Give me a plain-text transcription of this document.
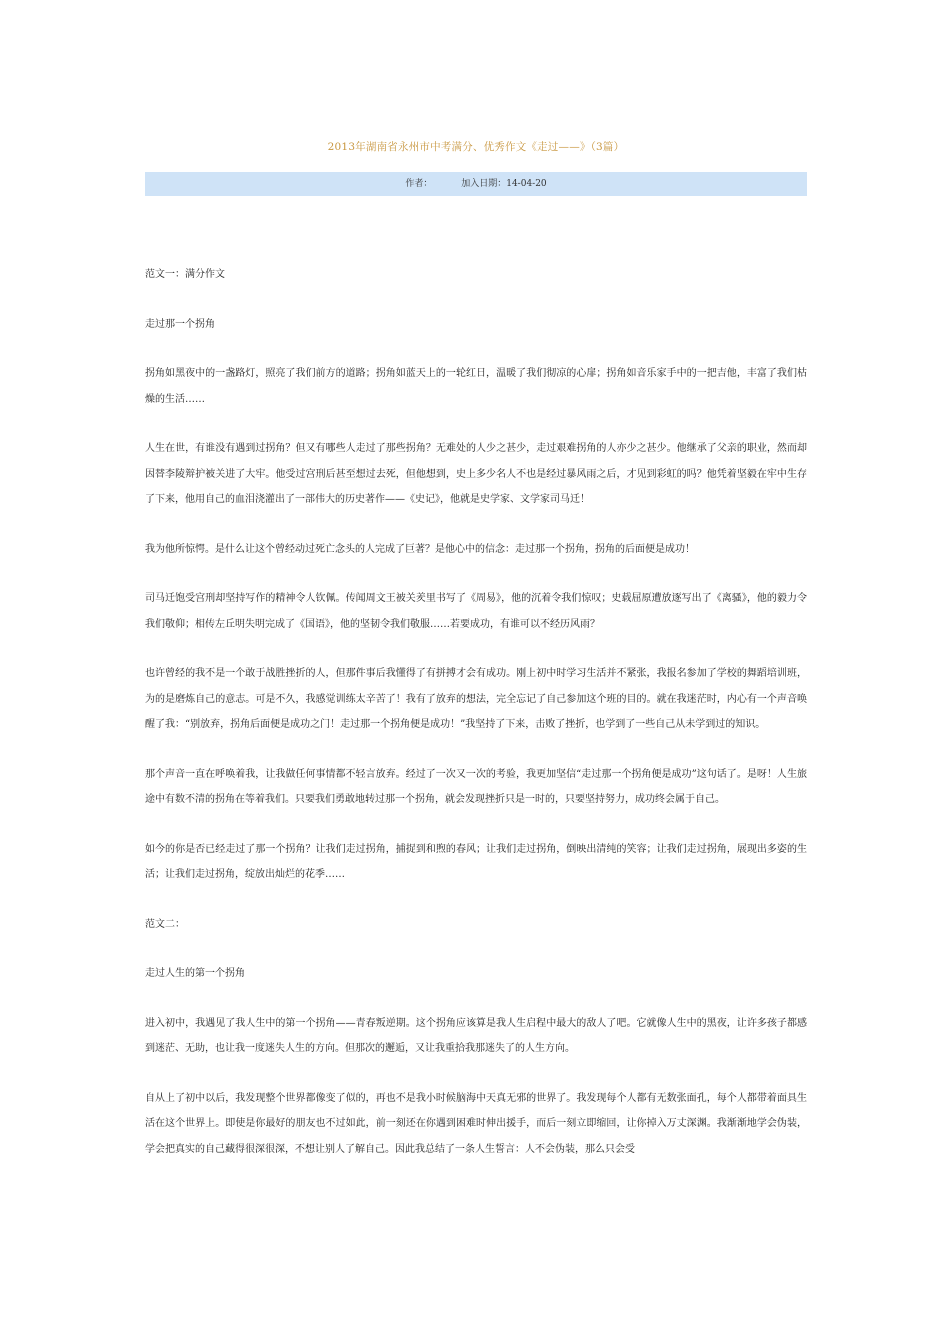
2013年湖南省永州市中考满分、优秀作文《走过——》（3篇）
作者：	加入日期：14-04-20

范文一：满分作文

走过那一个拐角

拐角如黑夜中的一盏路灯，照亮了我们前方的道路；拐角如蓝天上的一轮红日，温暖了我们彻凉的心扉；拐角如音乐家手中的一把吉他，丰富了我们枯燥的生活……

人生在世，有谁没有遇到过拐角？但又有哪些人走过了那些拐角？无难处的人少之甚少，走过艰难拐角的人亦少之甚少。他继承了父亲的职业，然而却因替李陵辩护被关进了大牢。他受过宫刑后甚至想过去死，但他想到，史上多少名人不也是经过暴风雨之后，才见到彩虹的吗？他凭着坚毅在牢中生存了下来，他用自己的血泪浇灌出了一部伟大的历史著作——《史记》，他就是史学家、文学家司马迁！

我为他所惊愕。是什么让这个曾经动过死亡念头的人完成了巨著？是他心中的信念：走过那一个拐角，拐角的后面便是成功！

司马迁饱受宫刑却坚持写作的精神令人钦佩。传闻周文王被关羑里书写了《周易》，他的沉着令我们惊叹；史载屈原遭放逐写出了《离骚》，他的毅力令我们敬仰；相传左丘明失明完成了《国语》，他的坚韧令我们敬服……若要成功，有谁可以不经历风雨？

也许曾经的我不是一个敢于战胜挫折的人，但那件事后我懂得了有拼搏才会有成功。刚上初中时学习生活并不紧张，我报名参加了学校的舞蹈培训班，为的是磨炼自己的意志。可是不久，我感觉训练太辛苦了！我有了放弃的想法，完全忘记了自己参加这个班的目的。就在我迷茫时，内心有一个声音唤醒了我：“别放弃，拐角后面便是成功之门！走过那一个拐角便是成功！”我坚持了下来，击败了挫折，也学到了一些自己从未学到过的知识。

那个声音一直在呼唤着我，让我做任何事情都不轻言放弃。经过了一次又一次的考验，我更加坚信“走过那一个拐角便是成功”这句话了。是呀！人生旅途中有数不清的拐角在等着我们。只要我们勇敢地转过那一个拐角，就会发现挫折只是一时的，只要坚持努力，成功终会属于自己。

如今的你是否已经走过了那一个拐角？让我们走过拐角，捕捉到和煦的春风；让我们走过拐角，倒映出清纯的笑容；让我们走过拐角，展现出多姿的生活；让我们走过拐角，绽放出灿烂的花季……

范文二：

走过人生的第一个拐角

进入初中，我遇见了我人生中的第一个拐角——青春叛逆期。这个拐角应该算是我人生启程中最大的敌人了吧。它就像人生中的黑夜，让许多孩子都感到迷茫、无助，也让我一度迷失人生的方向。但那次的邂逅，又让我重拾我那迷失了的人生方向。

自从上了初中以后，我发现整个世界都像变了似的，再也不是我小时候脑海中天真无邪的世界了。我发现每个人都有无数张面孔，每个人都带着面具生活在这个世界上。即使是你最好的朋友也不过如此，前一刻还在你遇到困难时伸出援手，而后一刻立即缩回，让你掉入万丈深渊。我渐渐地学会伪装，学会把真实的自己藏得很深很深，不想让别人了解自己。因此我总结了一条人生誓言：人不会伪装，那么只会受
